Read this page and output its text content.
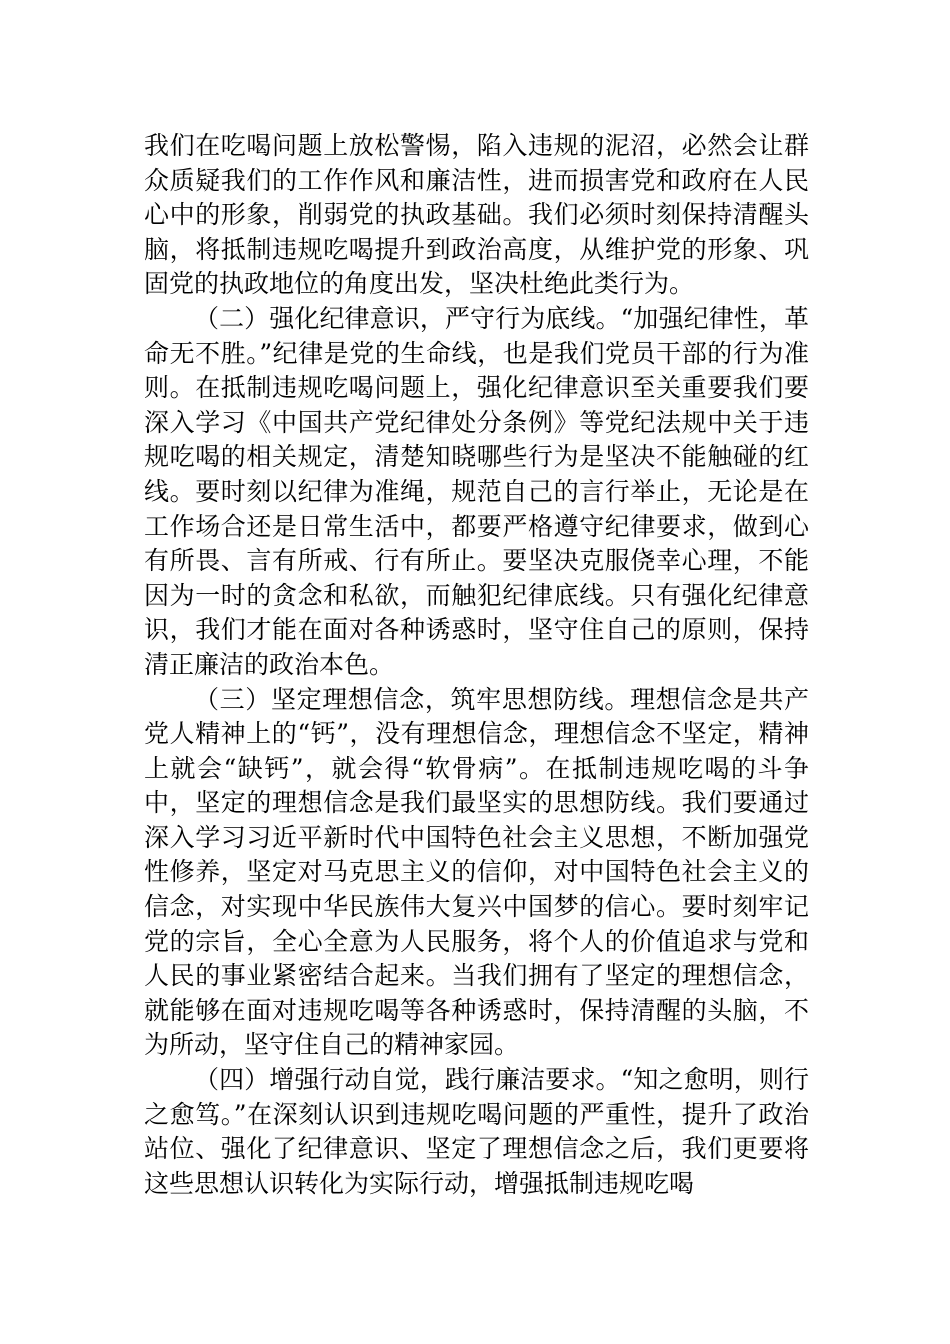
我们在吃喝问题上放松警惕，陷入违规的泥沼，必然会让群众质疑我们的工作作风和廉洁性，进而损害党和政府在人民心中的形象，削弱党的执政基础。我们必须时刻保持清醒头脑，将抵制违规吃喝提升到政治高度，从维护党的形象、巩固党的执政地位的角度出发，坚决杜绝此类行为。

（二）强化纪律意识，严守行为底线。“加强纪律性，革命无不胜。”纪律是党的生命线，也是我们党员干部的行为准则。在抵制违规吃喝问题上，强化纪律意识至关重要我们要深入学习《中国共产党纪律处分条例》等党纪法规中关于违规吃喝的相关规定，清楚知晓哪些行为是坚决不能触碰的红线。要时刻以纪律为准绳，规范自己的言行举止，无论是在工作场合还是日常生活中，都要严格遵守纪律要求，做到心有所畏、言有所戒、行有所止。要坚决克服侥幸心理，不能因为一时的贪念和私欲，而触犯纪律底线。只有强化纪律意识，我们才能在面对各种诱惑时，坚守住自己的原则，保持清正廉洁的政治本色。

（三）坚定理想信念，筑牢思想防线。理想信念是共产党人精神上的“钙”，没有理想信念，理想信念不坚定，精神上就会“缺钙”，就会得“软骨病”。在抵制违规吃喝的斗争中，坚定的理想信念是我们最坚实的思想防线。我们要通过深入学习习近平新时代中国特色社会主义思想，不断加强党性修养，坚定对马克思主义的信仰，对中国特色社会主义的信念，对实现中华民族伟大复兴中国梦的信心。要时刻牢记党的宗旨，全心全意为人民服务，将个人的价值追求与党和人民的事业紧密结合起来。当我们拥有了坚定的理想信念，就能够在面对违规吃喝等各种诱惑时，保持清醒的头脑，不为所动，坚守住自己的精神家园。

（四）增强行动自觉，践行廉洁要求。“知之愈明，则行之愈笃。”在深刻认识到违规吃喝问题的严重性，提升了政治站位、强化了纪律意识、坚定了理想信念之后，我们更要将这些思想认识转化为实际行动，增强抵制违规吃喝
